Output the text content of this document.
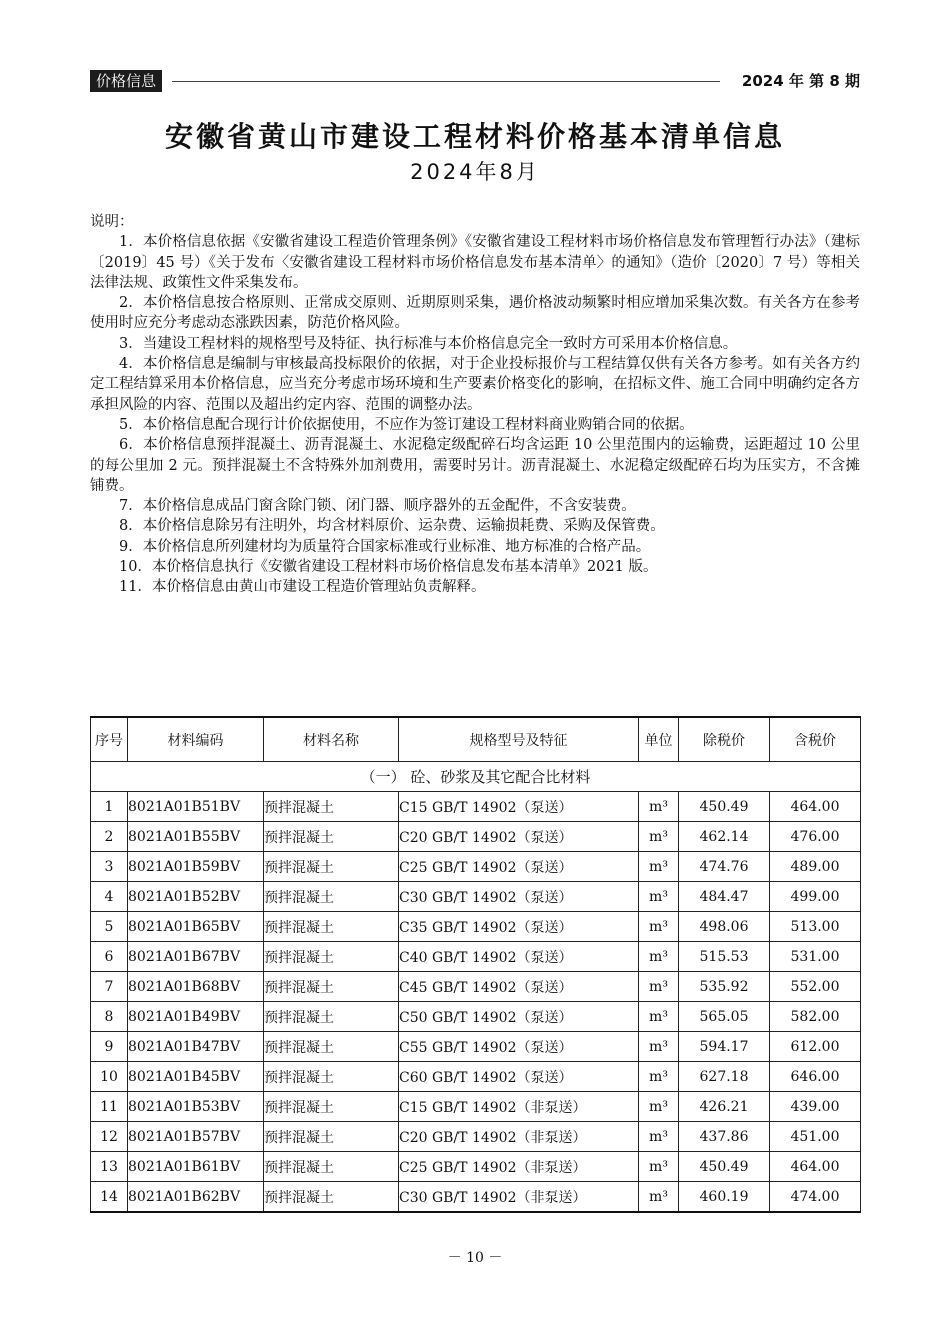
价格信息	2024 年 第 8 期
安徽省黄山市建设工程材料价格基本清单信息
2024年8月

说明：

1．本价格信息依据《安徽省建设工程造价管理条例》《安徽省建设工程材料市场价格信息发布管理暂行办法》（建标〔2019〕45 号）《关于发布〈安徽省建设工程材料市场价格信息发布基本清单〉的通知》（造价〔2020〕7 号）等相关法律法规、政策性文件采集发布。

2．本价格信息按合格原则、正常成交原则、近期原则采集，遇价格波动频繁时相应增加采集次数。有关各方在参考使用时应充分考虑动态涨跌因素，防范价格风险。

3．当建设工程材料的规格型号及特征、执行标准与本价格信息完全一致时方可采用本价格信息。

4．本价格信息是编制与审核最高投标限价的依据，对于企业投标报价与工程结算仅供有关各方参考。如有关各方约定工程结算采用本价格信息，应当充分考虑市场环境和生产要素价格变化的影响，在招标文件、施工合同中明确约定各方承担风险的内容、范围以及超出约定内容、范围的调整办法。

5．本价格信息配合现行计价依据使用，不应作为签订建设工程材料商业购销合同的依据。

6．本价格信息预拌混凝土、沥青混凝土、水泥稳定级配碎石均含运距 10 公里范围内的运输费，运距超过 10 公里的每公里加 2 元。预拌混凝土不含特殊外加剂费用，需要时另计。沥青混凝土、水泥稳定级配碎石均为压实方，不含摊铺费。

7．本价格信息成品门窗含除门锁、闭门器、顺序器外的五金配件，不含安装费。

8．本价格信息除另有注明外，均含材料原价、运杂费、运输损耗费、采购及保管费。

9．本价格信息所列建材均为质量符合国家标准或行业标准、地方标准的合格产品。

10．本价格信息执行《安徽省建设工程材料市场价格信息发布基本清单》2021 版。

11．本价格信息由黄山市建设工程造价管理站负责解释。

序号	材料编码	材料名称	规格型号及特征	单位	除税价	含税价
（一） 砼、砂浆及其它配合比材料						
1	8021A01B51BV	预拌混凝土	C15 GB/T 14902（泵送）	m³	450.49	464.00
2	8021A01B55BV	预拌混凝土	C20 GB/T 14902（泵送）	m³	462.14	476.00
3	8021A01B59BV	预拌混凝土	C25 GB/T 14902（泵送）	m³	474.76	489.00
4	8021A01B52BV	预拌混凝土	C30 GB/T 14902（泵送）	m³	484.47	499.00
5	8021A01B65BV	预拌混凝土	C35 GB/T 14902（泵送）	m³	498.06	513.00
6	8021A01B67BV	预拌混凝土	C40 GB/T 14902（泵送）	m³	515.53	531.00
7	8021A01B68BV	预拌混凝土	C45 GB/T 14902（泵送）	m³	535.92	552.00
8	8021A01B49BV	预拌混凝土	C50 GB/T 14902（泵送）	m³	565.05	582.00
9	8021A01B47BV	预拌混凝土	C55 GB/T 14902（泵送）	m³	594.17	612.00
10	8021A01B45BV	预拌混凝土	C60 GB/T 14902（泵送）	m³	627.18	646.00
11	8021A01B53BV	预拌混凝土	C15 GB/T 14902（非泵送）	m³	426.21	439.00
12	8021A01B57BV	预拌混凝土	C20 GB/T 14902（非泵送）	m³	437.86	451.00
13	8021A01B61BV	预拌混凝土	C25 GB/T 14902（非泵送）	m³	450.49	464.00
14	8021A01B62BV	预拌混凝土	C30 GB/T 14902（非泵送）	m³	460.19	474.00
－ 10 －
